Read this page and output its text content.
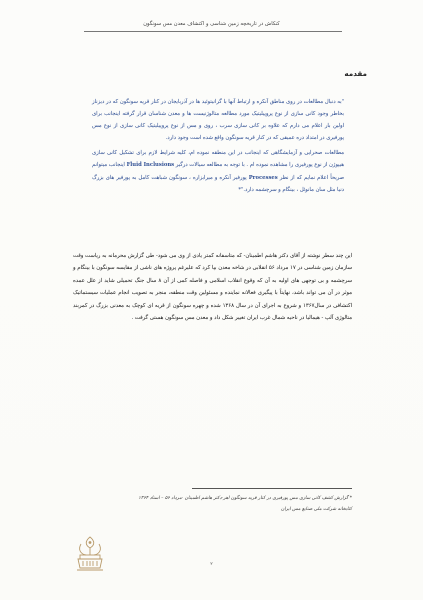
کنکاش در تاریخچه زمین شناسی و اکتشاف معدن مس سونگون
مقدمه

"به دنبال مطالعات در روی مناطق آنکره و ارتباط آنها با گرانیتوئید ها در آذربایجان در کنار قریه سونگون که در دیزناز بخاطر وجود کانی سازی از نوع پروپیلیتیک مورد مطالعه متالوژنیست ها و معدن شناسان قرار گرفته اینجانب برای اولین بار اعلام می دارم که علاوه بر کانی سازی سرب ، روی و مس از نوع پروپیلیتیک کانی سازی از نوع مس پورفیری در امتداد دره عمیقی که در کنار قریه سونگون واقع شده است وجود دارد.

مطالعات صحرایی و آزمایشگاهی که اینجانب در این منطقه نموده ام، کلیه شرایط لازم برای تشکیل کانی سازی هیپوژن از نوع پورفیری را مشاهده نموده ام . با توجه به مطالعه سیالات درگیر Fluid Inclusions اینجانب میتوانم صریحاً اعلام نمایم که از نظر Processes پورفیر آنکره و میرابزاره ، سونگون شباهت کامل به پورفیر های بزرگ دنیا مثل سان مانوئل ، بینگام و سرچشمه دارد."*

این چند سطر نوشته از آقای دکتر هاشم اطمینان- که متاسفانه کمتر یادی از وی می شود- طی گزارش محرمانه به ریاست وقت سازمان زمین شناسی در ۱۷ مرداد ۵۶ انقلابی در شاخه معدن بپا کرد که علیرغم پروژه های ناشی از مقایسه سونگون با بینگام و سرچشمه و بی توجهی های اولیه به آن که وقوع انقلاب اسلامی و فاصله کمی از آن ۸ سال جنگ تحمیلی شاید از علل عمده موثر در آن می تواند باشد، نهایتاً با پیگیری فعالانه نماینده و مسئولین وقت منطقه، منجر به تصویب انجام عملیات سیستماتیک اکتشافی در سال۱۳۶۷ و شروع به اجرای آن در سال ۱۳۶۸ شده و چهره سونگون از قریه ای کوچک به معدنی بزرگ در کمربند متالوژی آلپ - هیمالیا در ناحیه شمال غرب ایران تغییر شکل داد و معدن مس سونگون هستی گرفت .

* گزارش کشف کانی سازی مس پورفیری در کنار قریه سونگون اهر-دکتر هاشم اطمینان -مرداد ۵۶ – اسناد ۱۳۶۴

کتابخانه شرکت ملی صنایع مس ایران

۲
